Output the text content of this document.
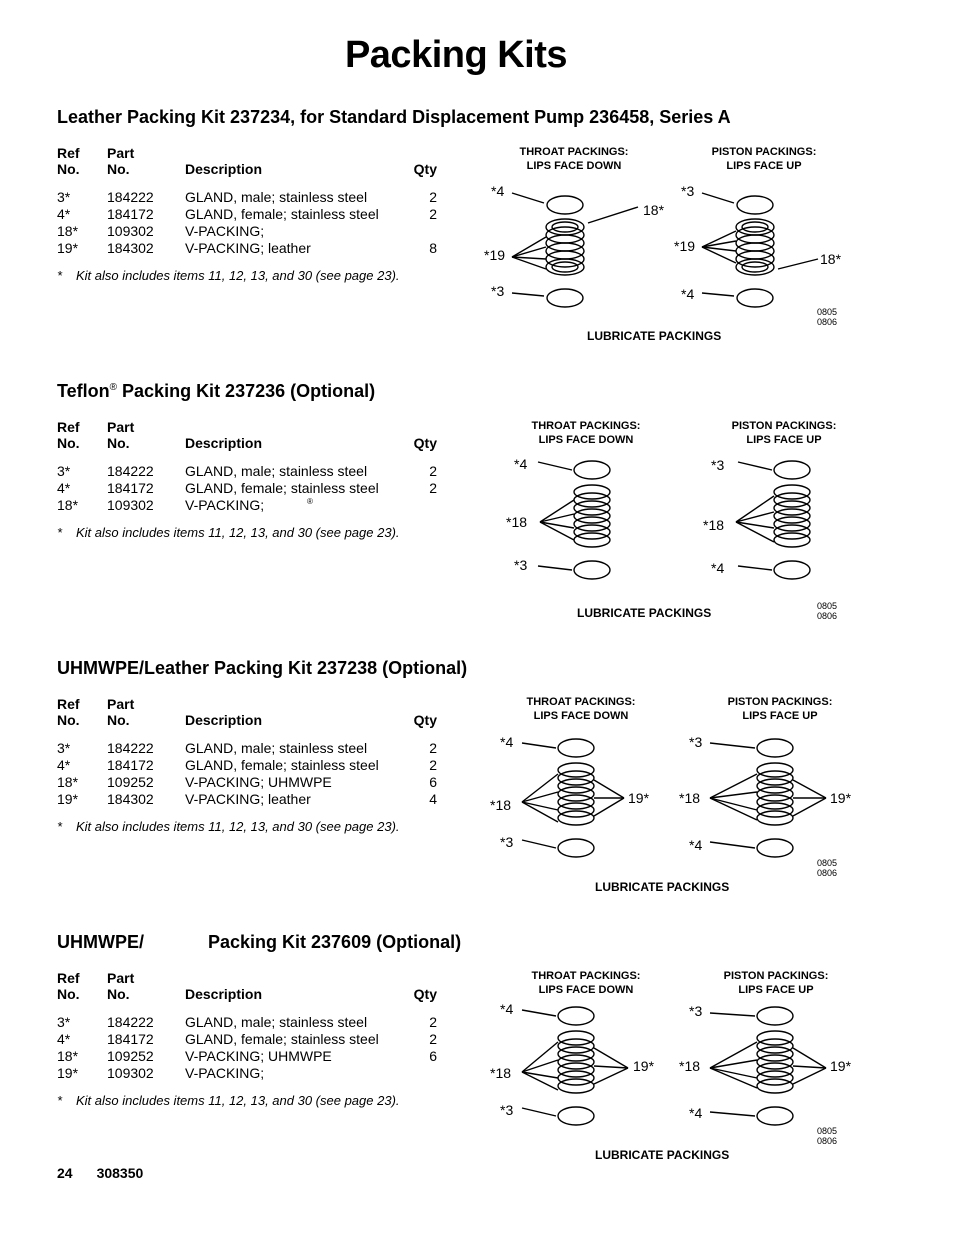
Packing Kits
Leather Packing Kit 237234, for Standard Displacement Pump 236458, Series A
Ref
No.
Part
No.	Description	Qty
3*	184222 GLAND, male; stainless steel	2
4*	184172 GLAND, female; stainless steel	2
18* 109302 V-PACKING;
19* 184302 V-PACKING; leather	8
* Kit also includes items 11, 12, 13, and 30 (see page 23).
THROAT PACKINGS:
LIPS FACE DOWN
PISTON PACKINGS:
LIPS FACE UP
*4
*19
*3
18*
*3
*19
*4
18*
0805
0806
LUBRICATE PACKINGS
Teflon® Packing Kit 237236 (Optional)
Ref
No.
Part
No.	Description	Qty
3*	184222 GLAND, male; stainless steel	2
4*	184172 GLAND, female; stainless steel	2
18* 109302 V-PACKING;	®
* Kit also includes items 11, 12, 13, and 30 (see page 23).
THROAT PACKINGS:
LIPS FACE DOWN
PISTON PACKINGS:
LIPS FACE UP
*4
*18
*3
*3
*18
*4
0805
0806
LUBRICATE PACKINGS
UHMWPE/Leather Packing Kit 237238 (Optional)
Ref
No.
Part
No.	Description	Qty
3*	184222 GLAND, male; stainless steel	2
4*	184172 GLAND, female; stainless steel	2
18* 109252 V-PACKING; UHMWPE	6
19* 184302 V-PACKING; leather	4
* Kit also includes items 11, 12, 13, and 30 (see page 23).
THROAT PACKINGS:
LIPS FACE DOWN
PISTON PACKINGS:
LIPS FACE UP
*4
*18
*3
19*
*3
*18
*4
19*
0805
0806
LUBRICATE PACKINGS
UHMWPE/	Packing Kit 237609 (Optional)
Ref
No.
Part
No.	Description	Qty
3*	184222 GLAND, male; stainless steel	2
4*	184172 GLAND, female; stainless steel	2
18* 109252 V-PACKING; UHMWPE	6
19* 109302 V-PACKING;
* Kit also includes items 11, 12, 13, and 30 (see page 23).
THROAT PACKINGS:
LIPS FACE DOWN
PISTON PACKINGS:
LIPS FACE UP
*4
*18
*3
19*
*3
*18
*4
19*
0805
0806
LUBRICATE PACKINGS
24 308350
